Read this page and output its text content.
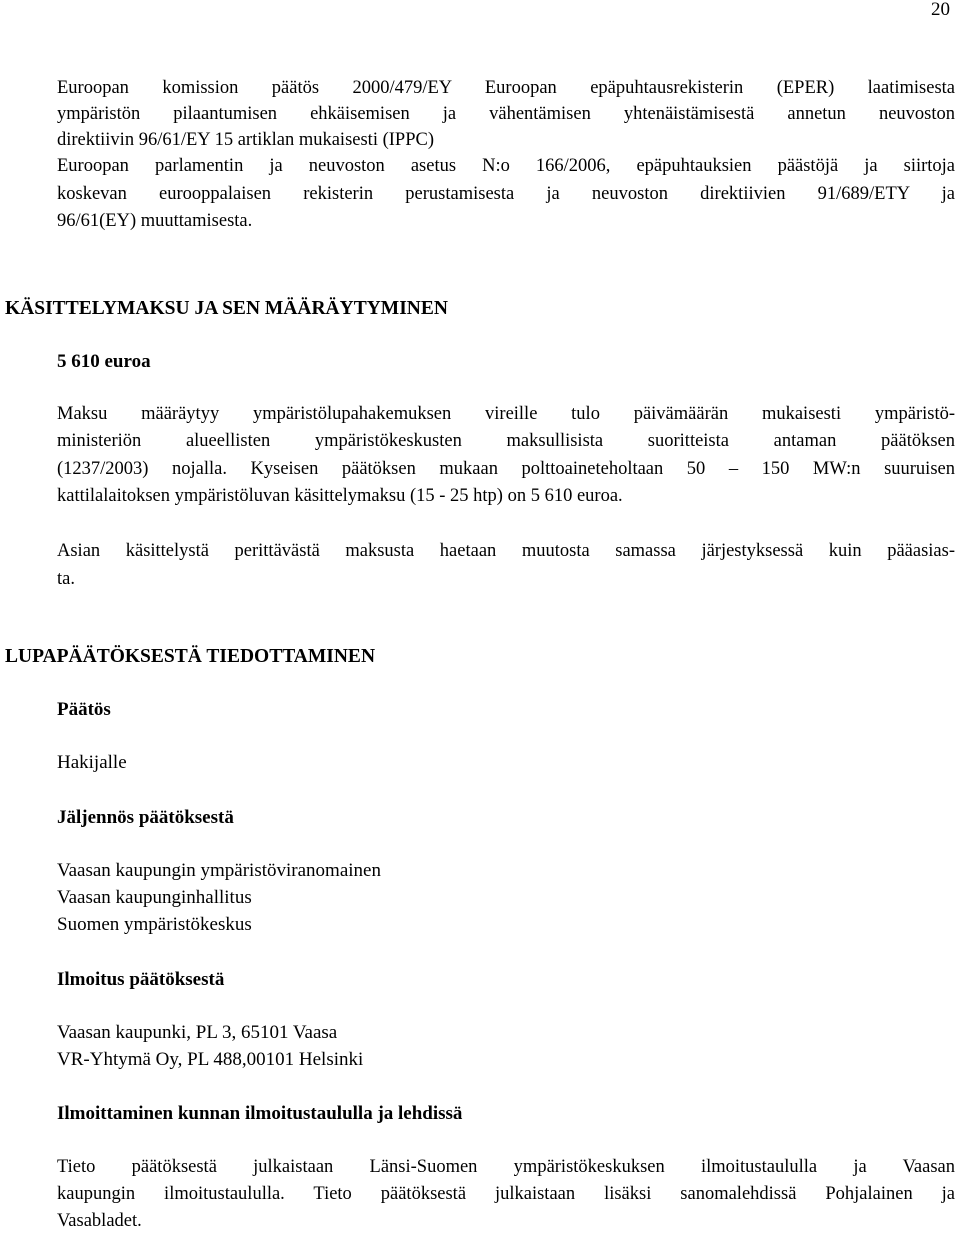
20
Euroopan komission päätös 2000/479/EY Euroopan epäpuhtausrekisterin (EPER) laatimisesta
ympäristön pilaantumisen ehkäisemisen ja vähentämisen yhtenäistämisestä annetun neuvoston
direktiivin 96/61/EY 15 artiklan mukaisesti (IPPC)
Euroopan parlamentin ja neuvoston asetus N:o 166/2006, epäpuhtauksien päästöjä ja siirtoja
koskevan eurooppalaisen rekisterin perustamisesta ja neuvoston direktiivien 91/689/ETY ja
96/61(EY) muuttamisesta.
KÄSITTELYMAKSU JA SEN MÄÄRÄYTYMINEN
5 610 euroa
Maksu määräytyy ympäristölupahakemuksen vireille tulo päivämäärän mukaisesti ympäristö-
ministeriön alueellisten ympäristökeskusten maksullisista suoritteista antaman päätöksen
(1237/2003) nojalla. Kyseisen päätöksen mukaan polttoaineteholtaan 50 – 150 MW:n suuruisen
kattilalaitoksen ympäristöluvan käsittelymaksu (15 - 25 htp) on 5 610 euroa.
Asian käsittelystä perittävästä maksusta haetaan muutosta samassa järjestyksessä kuin pääasias-
ta.
LUPAPÄÄTÖKSESTÄ TIEDOTTAMINEN
Päätös
Hakijalle
Jäljennös päätöksestä
Vaasan kaupungin ympäristöviranomainen
Vaasan kaupunginhallitus
Suomen ympäristökeskus
Ilmoitus päätöksestä
Vaasan kaupunki, PL 3, 65101 Vaasa
VR-Yhtymä Oy, PL 488,00101 Helsinki
Ilmoittaminen kunnan ilmoitustaululla ja lehdissä
Tieto päätöksestä julkaistaan Länsi-Suomen ympäristökeskuksen ilmoitustaululla ja Vaasan
kaupungin ilmoitustaululla. Tieto päätöksestä julkaistaan lisäksi sanomalehdissä Pohjalainen ja
Vasabladet.
